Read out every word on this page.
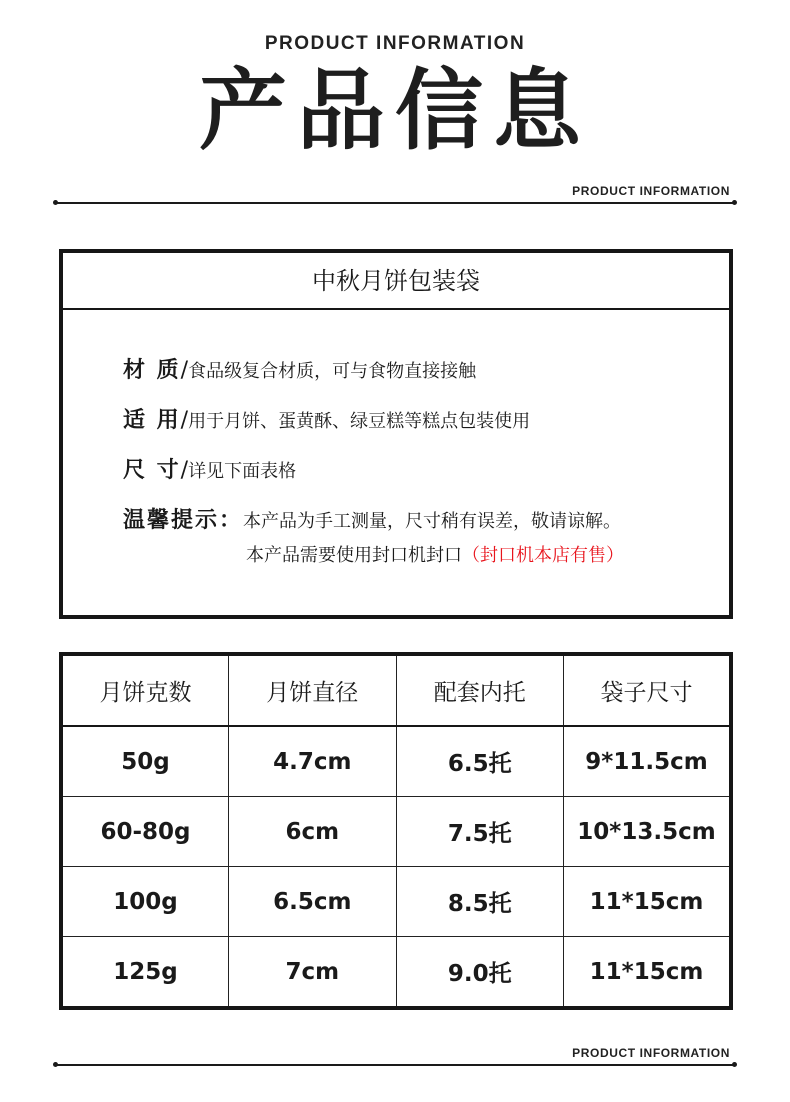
PRODUCT INFORMATION
产品信息
PRODUCT INFORMATION
中秋月饼包装袋
材 质/食品级复合材质，可与食物直接接触
适 用/用于月饼、蛋黄酥、绿豆糕等糕点包装使用
尺 寸/详见下面表格
温馨提示：本产品为手工测量，尺寸稍有误差，敬请谅解。
本产品需要使用封口机封口（封口机本店有售）
月饼克数	月饼直径	配套内托	袋子尺寸
50g	4.7cm	6.5托	9*11.5cm
60-80g	6cm	7.5托	10*13.5cm
100g	6.5cm	8.5托	11*15cm
125g	7cm	9.0托	11*15cm
PRODUCT INFORMATION
